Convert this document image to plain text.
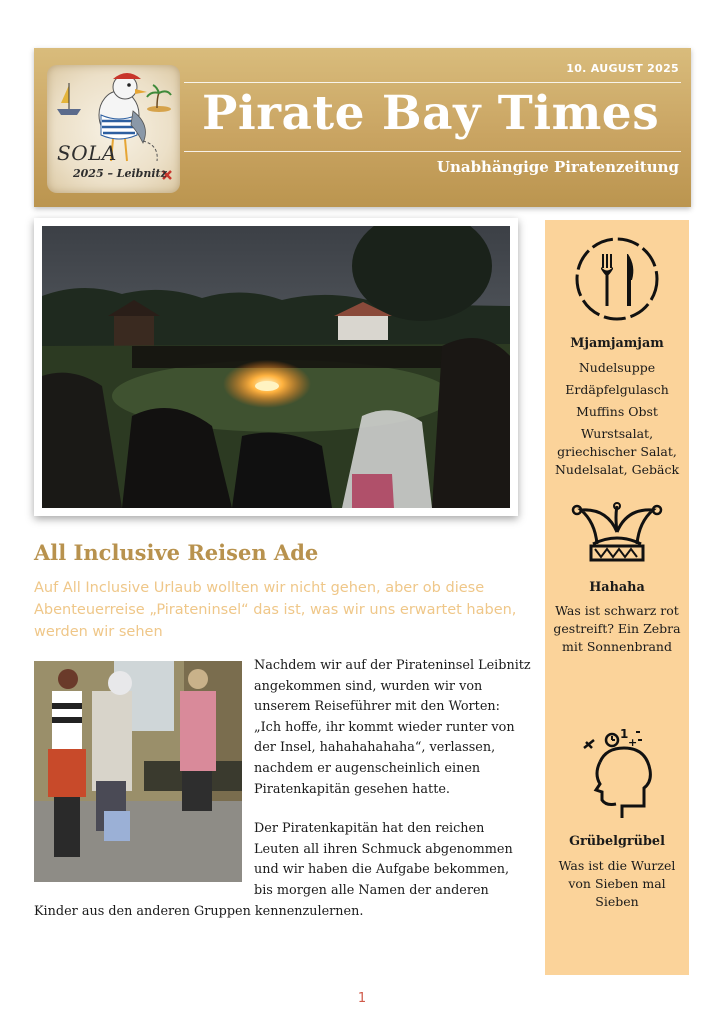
SOLA
2025 – Leibnitz
10. AUGUST 2025
Pirate Bay Times
Unabhängige Piratenzeitung
All Inclusive Reisen Ade
Auf All Inclusive Urlaub wollten wir nicht gehen, aber ob diese Abenteuerreise „Pirateninsel“ das ist, was wir uns erwartet haben, werden wir sehen

Nachdem wir auf der Pirateninsel Leibnitz angekommen sind, wurden wir von unserem Reiseführer mit den Worten: „Ich hoffe, ihr kommt wieder runter von der Insel, hahahahahaha“, verlassen, nachdem er augenscheinlich einen Piratenkapitän gesehen hatte.

Der Piratenkapitän hat den reichen Leuten all ihren Schmuck abgenommen und wir haben die Aufgabe bekommen, bis morgen alle Namen der anderen Kinder aus den anderen Gruppen kennenzulernen.

Mjamjamjam
Nudelsuppe
Erdäpfelgulasch
Muffins Obst
Wurstsalat, griechischer Salat, Nudelsalat, Gebäck
Hahaha
Was ist schwarz rot gestreift? Ein Zebra mit Sonnenbrand
1
+
Grübelgrübel
Was ist die Wurzel von Sieben mal Sieben
1
